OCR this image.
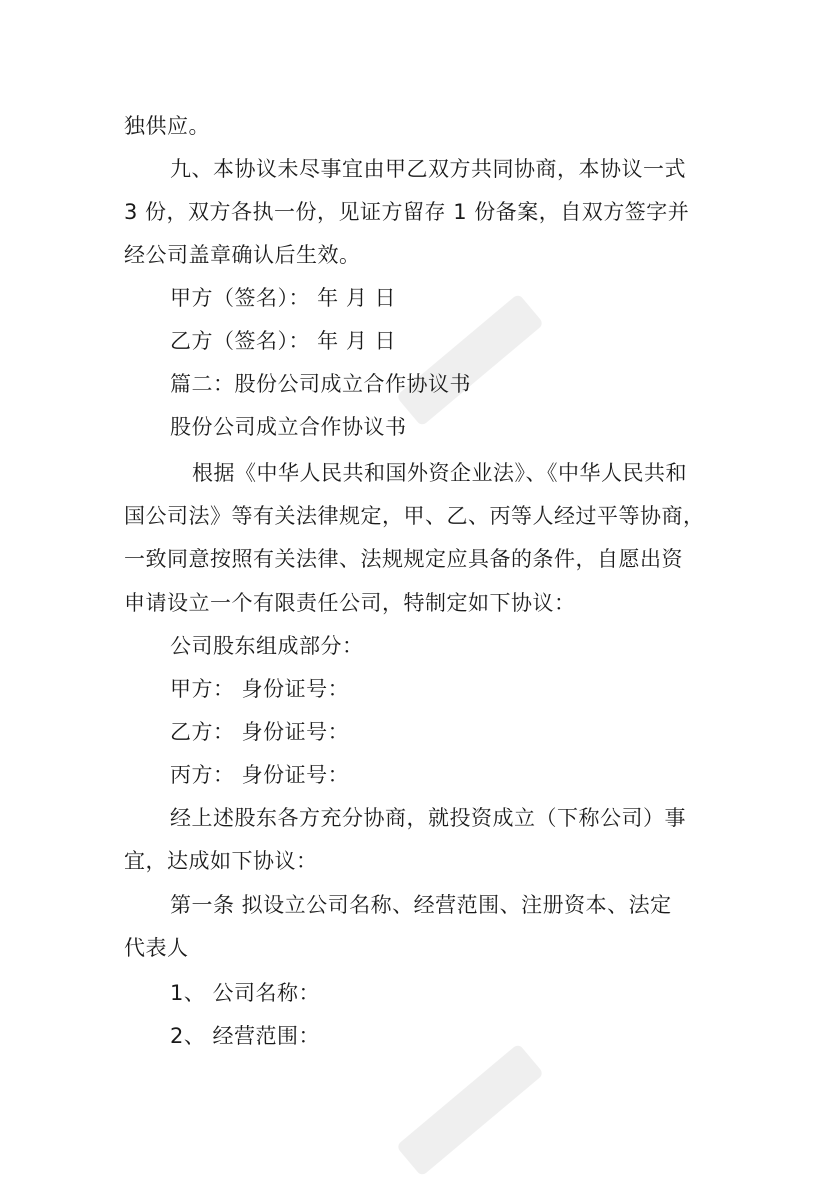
独供应。
九、本协议未尽事宜由甲乙双方共同协商，本协议一式
3 份，双方各执一份，见证方留存 1 份备案，自双方签字并
经公司盖章确认后生效。
甲方（签名）： 年 月 日
乙方（签名）： 年 月 日
篇二：股份公司成立合作协议书
股份公司成立合作协议书
根据《中华人民共和国外资企业法》、《中华人民共和
国公司法》等有关法律规定，甲、乙、丙等人经过平等协商，
一致同意按照有关法律、法规规定应具备的条件，自愿出资
申请设立一个有限责任公司，特制定如下协议：
公司股东组成部分：
甲方： 身份证号：
乙方： 身份证号：
丙方： 身份证号：
经上述股东各方充分协商，就投资成立（下称公司）事
宜，达成如下协议：
第一条 拟设立公司名称、经营范围、注册资本、法定
代表人
1、 公司名称：
2、 经营范围：
